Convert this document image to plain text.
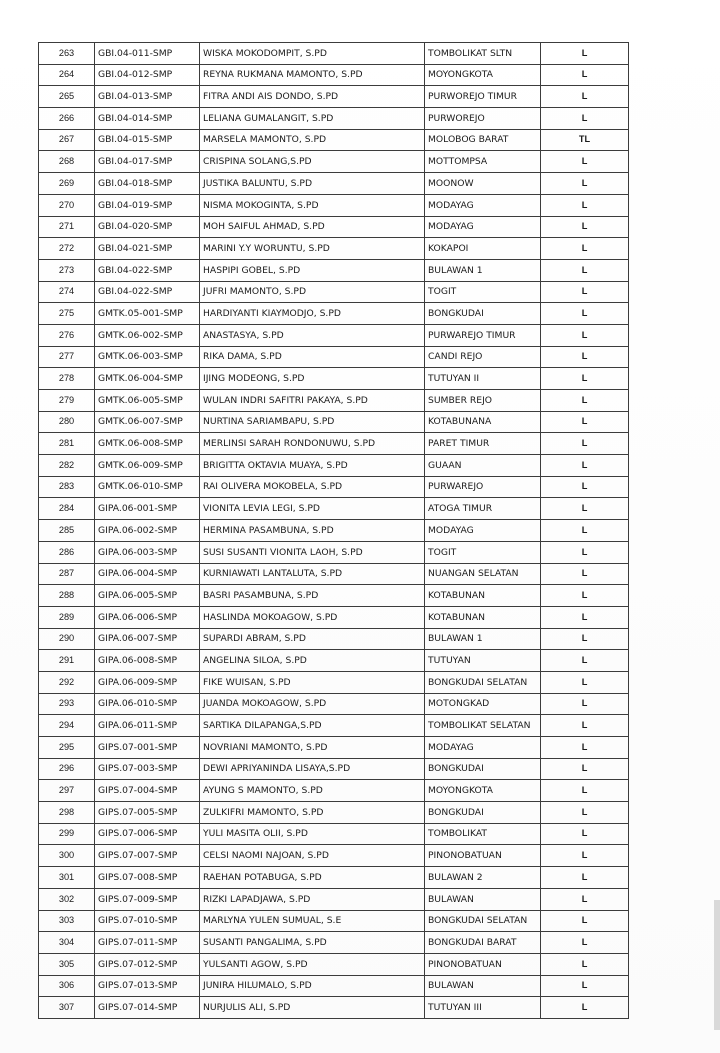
263	GBI.04-011-SMP	WISKA MOKODOMPIT, S.PD	TOMBOLIKAT SLTN	L
264	GBI.04-012-SMP	REYNA RUKMANA MAMONTO, S.PD	MOYONGKOTA	L
265	GBI.04-013-SMP	FITRA ANDI AIS DONDO, S.PD	PURWOREJO TIMUR	L
266	GBI.04-014-SMP	LELIANA GUMALANGIT, S.PD	PURWOREJO	L
267	GBI.04-015-SMP	MARSELA MAMONTO, S.PD	MOLOBOG BARAT	TL
268	GBI.04-017-SMP	CRISPINA SOLANG,S.PD	MOTTOMPSA	L
269	GBI.04-018-SMP	JUSTIKA BALUNTU, S.PD	MOONOW	L
270	GBI.04-019-SMP	NISMA MOKOGINTA, S.PD	MODAYAG	L
271	GBI.04-020-SMP	MOH SAIFUL AHMAD, S.PD	MODAYAG	L
272	GBI.04-021-SMP	MARINI Y.Y WORUNTU, S.PD	KOKAPOI	L
273	GBI.04-022-SMP	HASPIPI GOBEL, S.PD	BULAWAN 1	L
274	GBI.04-022-SMP	JUFRI MAMONTO, S.PD	TOGIT	L
275	GMTK.05-001-SMP	HARDIYANTI KIAYMODJO, S.PD	BONGKUDAI	L
276	GMTK.06-002-SMP	ANASTASYA, S.PD	PURWAREJO TIMUR	L
277	GMTK.06-003-SMP	RIKA DAMA, S.PD	CANDI REJO	L
278	GMTK.06-004-SMP	IJING MODEONG, S.PD	TUTUYAN II	L
279	GMTK.06-005-SMP	WULAN INDRI SAFITRI PAKAYA, S.PD	SUMBER REJO	L
280	GMTK.06-007-SMP	NURTINA SARIAMBAPU, S.PD	KOTABUNANA	L
281	GMTK.06-008-SMP	MERLINSI SARAH RONDONUWU, S.PD	PARET TIMUR	L
282	GMTK.06-009-SMP	BRIGITTA OKTAVIA MUAYA, S.PD	GUAAN	L
283	GMTK.06-010-SMP	RAI OLIVERA MOKOBELA, S.PD	PURWAREJO	L
284	GIPA.06-001-SMP	VIONITA LEVIA LEGI, S.PD	ATOGA TIMUR	L
285	GIPA.06-002-SMP	HERMINA PASAMBUNA, S.PD	MODAYAG	L
286	GIPA.06-003-SMP	SUSI SUSANTI VIONITA LAOH, S.PD	TOGIT	L
287	GIPA.06-004-SMP	KURNIAWATI LANTALUTA, S.PD	NUANGAN SELATAN	L
288	GIPA.06-005-SMP	BASRI PASAMBUNA, S.PD	KOTABUNAN	L
289	GIPA.06-006-SMP	HASLINDA MOKOAGOW, S.PD	KOTABUNAN	L
290	GIPA.06-007-SMP	SUPARDI ABRAM, S.PD	BULAWAN 1	L
291	GIPA.06-008-SMP	ANGELINA SILOA, S.PD	TUTUYAN	L
292	GIPA.06-009-SMP	FIKE WUISAN, S.PD	BONGKUDAI SELATAN	L
293	GIPA.06-010-SMP	JUANDA MOKOAGOW, S.PD	MOTONGKAD	L
294	GIPA.06-011-SMP	SARTIKA DILAPANGA,S.PD	TOMBOLIKAT SELATAN	L
295	GIPS.07-001-SMP	NOVRIANI MAMONTO, S.PD	MODAYAG	L
296	GIPS.07-003-SMP	DEWI APRIYANINDA LISAYA,S.PD	BONGKUDAI	L
297	GIPS.07-004-SMP	AYUNG S MAMONTO, S.PD	MOYONGKOTA	L
298	GIPS.07-005-SMP	ZULKIFRI MAMONTO, S.PD	BONGKUDAI	L
299	GIPS.07-006-SMP	YULI MASITA OLII, S.PD	TOMBOLIKAT	L
300	GIPS.07-007-SMP	CELSI NAOMI NAJOAN, S.PD	PINONOBATUAN	L
301	GIPS.07-008-SMP	RAEHAN POTABUGA, S.PD	BULAWAN 2	L
302	GIPS.07-009-SMP	RIZKI LAPADJAWA, S.PD	BULAWAN	L
303	GIPS.07-010-SMP	MARLYNA YULEN SUMUAL, S.E	BONGKUDAI SELATAN	L
304	GIPS.07-011-SMP	SUSANTI PANGALIMA, S.PD	BONGKUDAI BARAT	L
305	GIPS.07-012-SMP	YULSANTI AGOW, S.PD	PINONOBATUAN	L
306	GIPS.07-013-SMP	JUNIRA HILUMALO, S.PD	BULAWAN	L
307	GIPS.07-014-SMP	NURJULIS ALI, S.PD	TUTUYAN III	L
